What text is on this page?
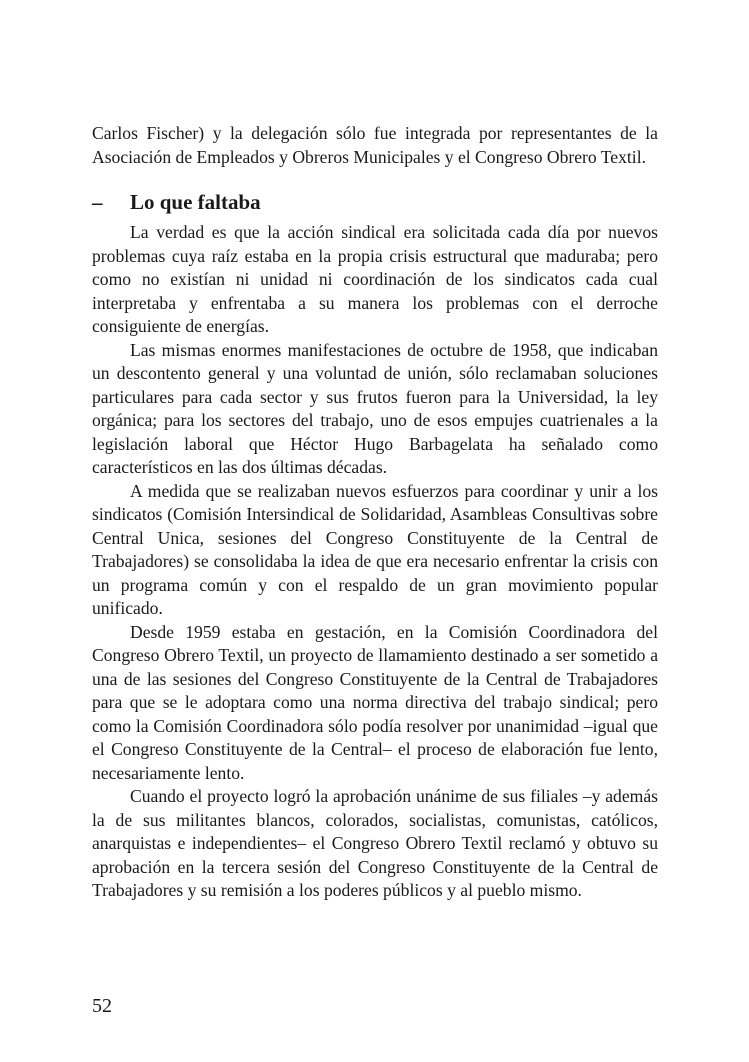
Carlos Fischer) y la delegación sólo fue integrada por representantes de la Asociación de Empleados y Obreros Municipales y el Congreso Obrero Textil.

–	Lo que faltaba

La verdad es que la acción sindical era solicitada cada día por nuevos problemas cuya raíz estaba en la propia crisis estructural que maduraba; pero como no existían ni unidad ni coordinación de los sindicatos cada cual interpretaba y enfrentaba a su manera los problemas con el derroche consiguiente de energías.

Las mismas enormes manifestaciones de octubre de 1958, que indicaban un descontento general y una voluntad de unión, sólo reclamaban soluciones particulares para cada sector y sus frutos fueron para la Universidad, la ley orgánica; para los sectores del trabajo, uno de esos empujes cuatrienales a la legislación laboral que Héctor Hugo Barbagelata ha señalado como característicos en las dos últimas décadas.

A medida que se realizaban nuevos esfuerzos para coordinar y unir a los sindicatos (Comisión Intersindical de Solidaridad, Asambleas Consultivas sobre Central Unica, sesiones del Congreso Constituyente de la Central de Trabajadores) se consolidaba la idea de que era necesario enfrentar la crisis con un programa común y con el respaldo de un gran movimiento popular unificado.

Desde 1959 estaba en gestación, en la Comisión Coordinadora del Congreso Obrero Textil, un proyecto de llamamiento destinado a ser sometido a una de las sesiones del Congreso Constituyente de la Central de Trabajadores para que se le adoptara como una norma directiva del trabajo sindical; pero como la Comisión Coordinadora sólo podía resolver por unanimidad –igual que el Congreso Constituyente de la Central– el proceso de elaboración fue lento, necesariamente lento.

Cuando el proyecto logró la aprobación unánime de sus filiales –y además la de sus militantes blancos, colorados, socialistas, comunistas, católicos, anarquistas e independientes– el Congreso Obrero Textil reclamó y obtuvo su aprobación en la tercera sesión del Congreso Constituyente de la Central de Trabajadores y su remisión a los poderes públicos y al pueblo mismo.

52
